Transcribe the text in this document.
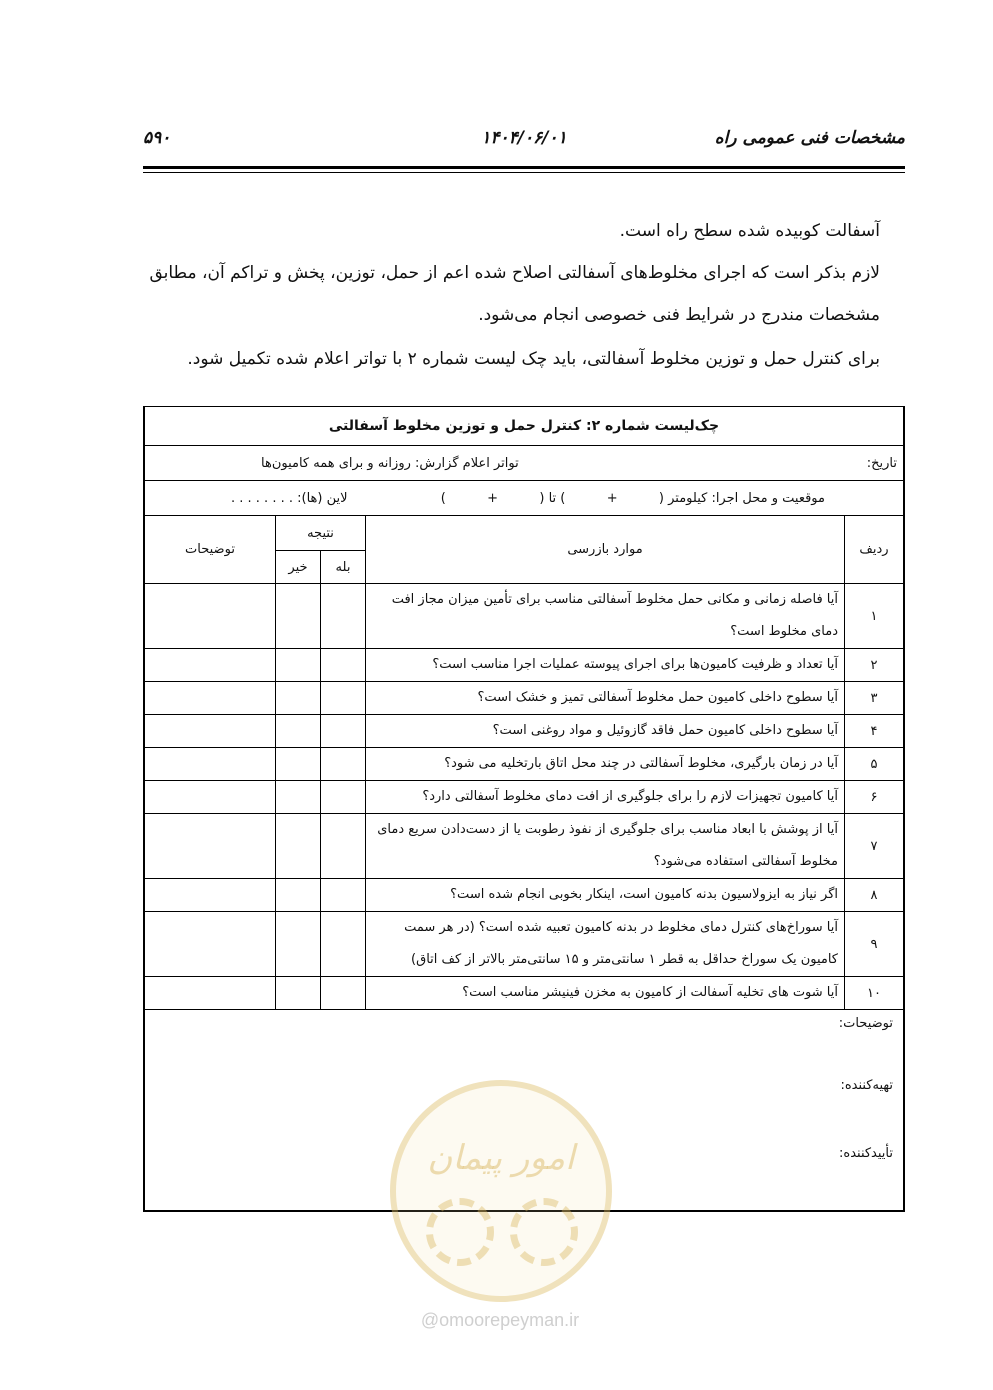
۵۹۰	۱۴۰۴/۰۶/۰۱	مشخصات فنی عمومی راه
آسفالت کوبیده شده سطح راه است.
لازم بذکر است که اجرای مخلوط‌های آسفالتی اصلاح شده اعم از حمل، توزین، پخش و تراکم آن، مطابق مشخصات مندرج در شرایط فنی خصوصی انجام می‌شود.
برای کنترل حمل و توزین مخلوط آسفالتی، باید چک لیست شماره ۲ با تواتر اعلام شده تکمیل شود.
چک‌لیست شماره ۲: کنترل حمل و توزین مخلوط آسفالتی				

تاریخ:
تواتر اعلام گزارش: روزانه و برای همه کامیون‌ها				

موقعیت و محل اجرا: کیلومتر (          +          ) تا (          +          )
لاین (ها): . . . . . . . .				

ردیف	موارد بازرسی	نتیجه		توضیحات
		بله	خیر	
۱	آیا فاصله زمانی و مکانی حمل مخلوط آسفالتی مناسب برای تأمین میزان مجاز افت دمای مخلوط است؟			
۲	آیا تعداد و ظرفیت کامیون‌ها برای اجرای پیوسته عملیات اجرا مناسب است؟			
۳	آیا سطوح داخلی کامیون حمل مخلوط آسفالتی تمیز و خشک است؟			
۴	آیا سطوح داخلی کامیون حمل فاقد گازوئیل و مواد روغنی است؟			
۵	آیا در زمان بارگیری، مخلوط آسفالتی در چند محل اتاق بارتخلیه می شود؟			
۶	آیا کامیون تجهیزات لازم را برای جلوگیری از افت دمای مخلوط آسفالتی دارد؟			
۷	آیا از پوشش با ابعاد مناسب برای جلوگیری از نفوذ رطوبت یا از دست‌دادن سریع دمای مخلوط آسفالتی استفاده می‌شود؟			
۸	اگر نیاز به ایزولاسیون بدنه کامیون است، اینکار بخوبی انجام شده است؟			
۹	آیا سوراخ‌های کنترل دمای مخلوط در بدنه کامیون تعبیه شده است؟ (در هر سمت کامیون یک سوراخ حداقل به قطر ۱ سانتی‌متر و ۱۵ سانتی‌متر بالاتر از کف اتاق)			
۱۰	آیا شوت های تخلیه آسفالت از کامیون به مخزن فینیشر مناسب است؟			

توضیحات:
تهیه‌کننده:
تأییدکننده:				
امور پیمان
@omoorepeyman.ir
